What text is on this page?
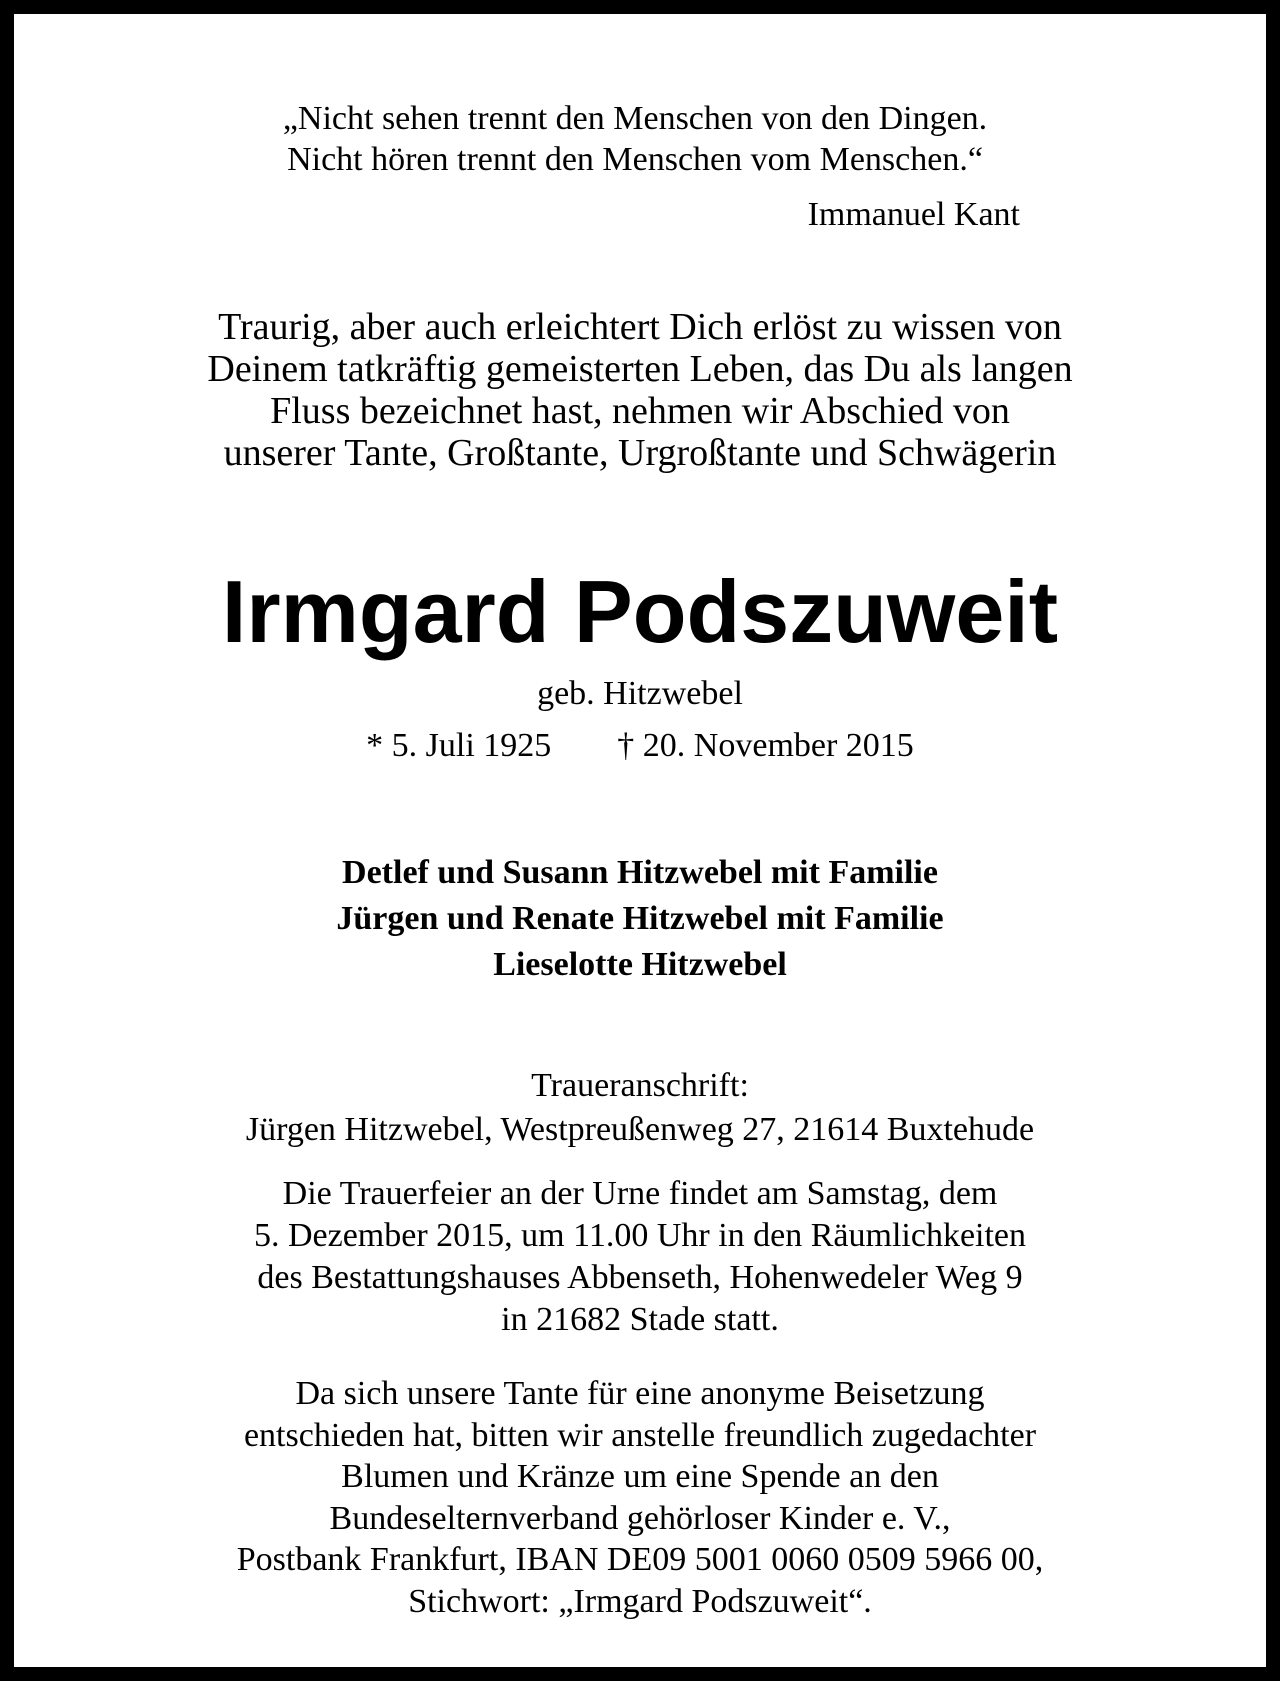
„Nicht sehen trennt den Menschen von den Dingen.
Nicht hören trennt den Menschen vom Menschen.“
Immanuel Kant
Traurig, aber auch erleichtert Dich erlöst zu wissen von
Deinem tatkräftig gemeisterten Leben, das Du als langen
Fluss bezeichnet hast, nehmen wir Abschied von
unserer Tante, Großtante, Urgroßtante und Schwägerin
Irmgard Podszuweit
geb. Hitzwebel
* 5. Juli 1925 † 20. November 2015
Detlef und Susann Hitzwebel mit Familie
Jürgen und Renate Hitzwebel mit Familie
Lieselotte Hitzwebel
Traueranschrift:
Jürgen Hitzwebel, Westpreußenweg 27, 21614 Buxtehude
Die Trauerfeier an der Urne findet am Samstag, dem
5. Dezember 2015, um 11.00 Uhr in den Räumlichkeiten
des Bestattungshauses Abbenseth, Hohenwedeler Weg 9
in 21682 Stade statt.
Da sich unsere Tante für eine anonyme Beisetzung
entschieden hat, bitten wir anstelle freundlich zugedachter
Blumen und Kränze um eine Spende an den
Bundeselternverband gehörloser Kinder e. V.,
Postbank Frankfurt, IBAN DE09 5001 0060 0509 5966 00,
Stichwort: „Irmgard Podszuweit“.
